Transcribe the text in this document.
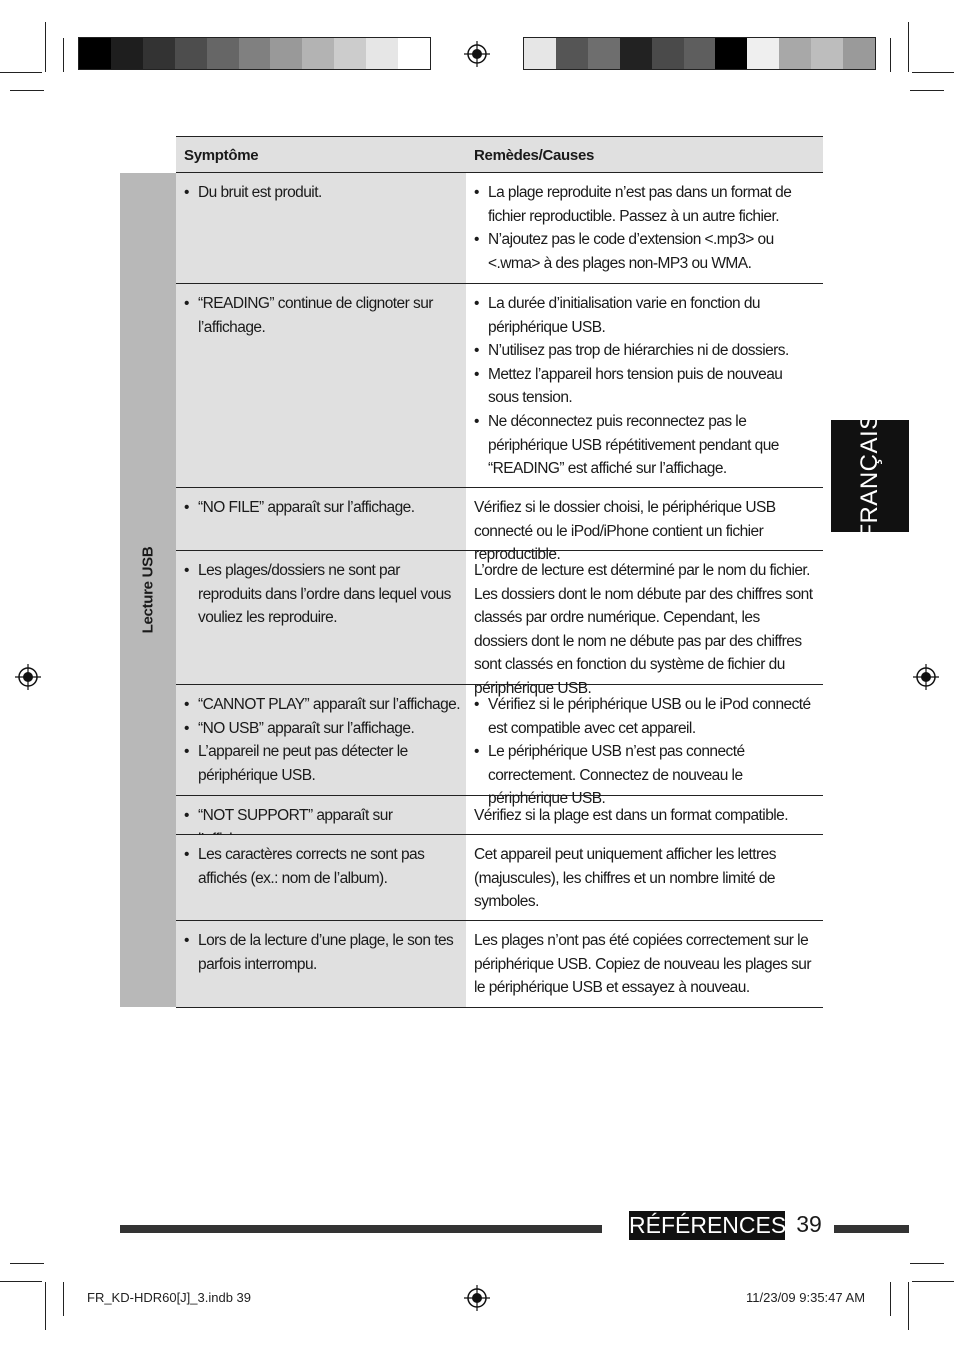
Symptôme	Remèdes/Causes
Lecture USB
• Du bruit est produit.
•	La plage reproduite n’est pas dans un format de fichier reproductible. Passez à un autre fichier.
• N’ajoutez pas le code d’extension <.mp3> ou <.wma> à des plages non-MP3 ou WMA.
• “READING” continue de clignoter sur l’affichage.
• La durée d’initialisation varie en fonction du périphérique USB.
• N’utilisez pas trop de hiérarchies ni de dossiers.
• Mettez l’appareil hors tension puis de nouveau sous tension.
• Ne déconnectez puis reconnectez pas le périphérique USB répétitivement pendant que “READING” est affiché sur l’affichage.
• “NO FILE” apparaît sur l’affichage.	Vérifiez si le dossier choisi, le périphérique USB connecté ou le iPod/iPhone contient un fichier reproductible.
• Les plages/dossiers ne sont par reproduits dans l’ordre dans lequel vous vouliez les reproduire.
L’ordre de lecture est déterminé par le nom du fichier. Les dossiers dont le nom débute par des chiffres sont classés par ordre numérique. Cependant, les dossiers dont le nom ne débute pas par des chiffres sont classés en fonction du système de fichier du périphérique USB.
• “CANNOT PLAY” apparaît sur l’affichage.
• “NO USB” apparaît sur l’affichage.
• L’appareil ne peut pas détecter le périphérique USB.
• Vérifiez si le périphérique USB ou le iPod connecté est compatible avec cet appareil.
• Le périphérique USB n’est pas connecté correctement. Connectez de nouveau le périphérique USB.
• “NOT SUPPORT” apparaît sur	Vérifiez si la plage est dans un format compatible.
• Les caractères corrects ne sont pas affichés (ex.: nom de l’album).
Cet appareil peut uniquement afficher les lettres (majuscules), les chiffres et un nombre limité de symboles.
• Lors de la lecture d’une plage, le son tes parfois interrompu.
Les plages n’ont pas été copiées correctement sur le périphérique USB. Copiez de nouveau les plages sur le périphérique USB et essayez à nouveau.
FRANÇAIS
RÉFÉRENCES 39
FR_KD-HDR60[J]_3.indb 39	11/23/09 9:35:47 AM
